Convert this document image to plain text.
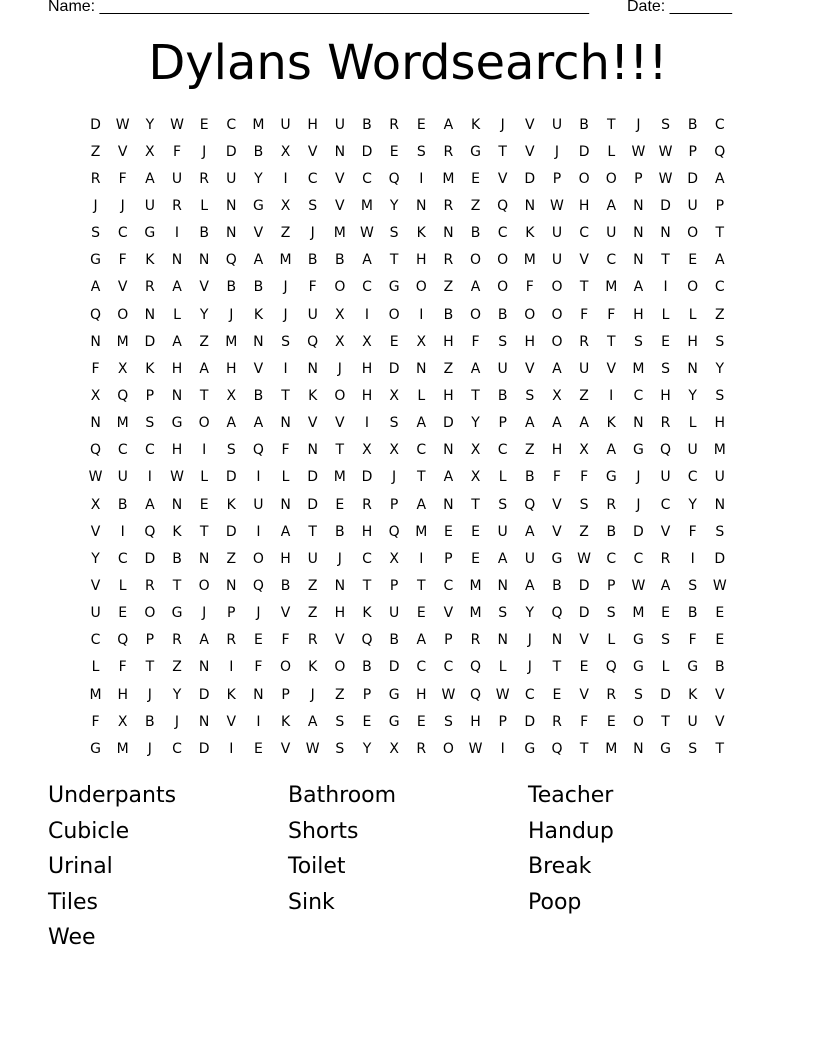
Name: _______________________________________________________ Date: _______
Dylans Wordsearch!!!
D	W	Y	W	E	C	M	U	H	U	B	R	E	A	K	J	V	U	B	T	J	S	B	C
Z	V	X	F	J	D	B	X	V	N	D	E	S	R	G	T	V	J	D	L	W W	P	Q
R	F	A	U	R	U	Y	I	C	V	C	Q	I	M	E	V	D	P	O	O	P	W	D	A
J	J	U	R	L	N	G	X	S	V	M	Y	N	R	Z	Q	N	W	H	A	N	D	U	P
S	C	G	I	B	N	V	Z	J	M	W	S	K	N	B	C	K	U	C	U	N	N	O	T
G	F	K	N	N	Q	A	M	B	B	A	T	H	R	O	O	M	U	V	C	N	T	E	A
A	V	R	A	V	B	B	J	F	O	C	G	O	Z	A	O	F	O	T	M	A	I	O	C
Q	O	N	L	Y	J	K	J	U	X	I	O	I	B	O	B	O	O	F	F	H	L	L	Z
N	M	D	A	Z	M	N	S	Q	X	X	E	X	H	F	S	H	O	R	T	S	E	H	S
F	X	K	H	A	H	V	I	N	J	H	D	N	Z	A	U	V	A	U	V	M	S	N	Y
X	Q	P	N	T	X	B	T	K	O	H	X	L	H	T	B	S	X	Z	I	C	H	Y	S
N	M	S	G	O	A	A	N	V	V	I	S	A	D	Y	P	A	A	A	K	N	R	L	H
Q	C	C	H	I	S	Q	F	N	T	X	X	C	N	X	C	Z	H	X	A	G	Q	U	M
W	U	I	W	L	D	I	L	D	M	D	J	T	A	X	L	B	F	F	G	J	U	C	U
X	B	A	N	E	K	U	N	D	E	R	P	A	N	T	S	Q	V	S	R	J	C	Y	N
V	I	Q	K	T	D	I	A	T	B	H	Q	M	E	E	U	A	V	Z	B	D	V	F	S
Y	C	D	B	N	Z	O	H	U	J	C	X	I	P	E	A	U	G	W	C	C	R	I	D
V	L	R	T	O	N	Q	B	Z	N	T	P	T	C	M	N	A	B	D	P	W	A	S	W
U	E	O	G	J	P	J	V	Z	H	K	U	E	V	M	S	Y	Q	D	S	M	E	B	E
C	Q	P	R	A	R	E	F	R	V	Q	B	A	P	R	N	J	N	V	L	G	S	F	E
L	F	T	Z	N	I	F	O	K	O	B	D	C	C	Q	L	J	T	E	Q	G	L	G	B
M	H	J	Y	D	K	N	P	J	Z	P	G	H	W	Q	W	C	E	V	R	S	D	K	V
F	X	B	J	N	V	I	K	A	S	E	G	E	S	H	P	D	R	F	E	O	T	U	V
G	M	J	C	D	I	E	V	W	S	Y	X	R	O	W	I	G	Q	T	M	N	G	S	T
Underpants	Bathroom	Teacher
Cubicle	Shorts	Handup
Urinal	Toilet	Break
Tiles	Sink	Poop
Wee
